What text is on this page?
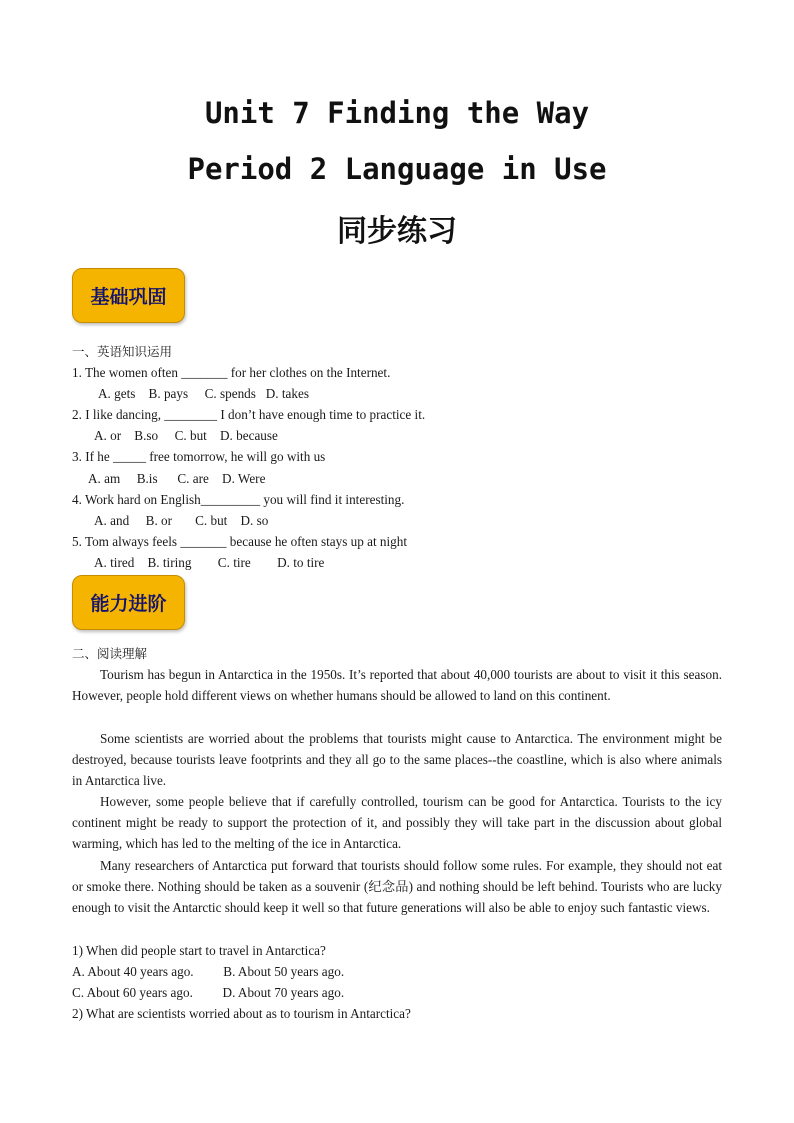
Unit 7 Finding the Way
Period 2 Language in Use
同步练习
基础巩固
一、英语知识运用
1. The women often _______ for her clothes on the Internet.
A. gets    B. pays     C. spends   D. takes
2. I like dancing, ________ I don’t have enough time to practice it.
A. or    B.so     C. but    D. because
3. If he _____ free tomorrow, he will go with us
A. am     B.is      C. are    D. Were
4. Work hard on English_________ you will find it interesting.
A. and     B. or       C. but    D. so
5. Tom always feels _______ because he often stays up at night
A. tired    B. tiring        C. tire        D. to tire
能力进阶
二、阅读理解
Tourism has begun in Antarctica in the 1950s. It’s reported that about 40,000 tourists are about to visit it this season. However, people hold different views on whether humans should be allowed to land on this continent.
Some scientists are worried about the problems that tourists might cause to Antarctica. The environment might be destroyed, because tourists leave footprints and they all go to the same places--the coastline, which is also where animals in Antarctica live.
However, some people believe that if carefully controlled, tourism can be good for Antarctica. Tourists to the icy continent might be ready to support the protection of it, and possibly they will take part in the discussion about global warming, which has led to the melting of the ice in Antarctica.
Many researchers of Antarctica put forward that tourists should follow some rules. For example, they should not eat or smoke there. Nothing should be taken as a souvenir (纪念品) and nothing should be left behind. Tourists who are lucky enough to visit the Antarctic should keep it well so that future generations will also be able to enjoy such fantastic views.
1) When did people start to travel in Antarctica?
A. About 40 years ago.         B. About 50 years ago.
C. About 60 years ago.         D. About 70 years ago.
2) What are scientists worried about as to tourism in Antarctica?
